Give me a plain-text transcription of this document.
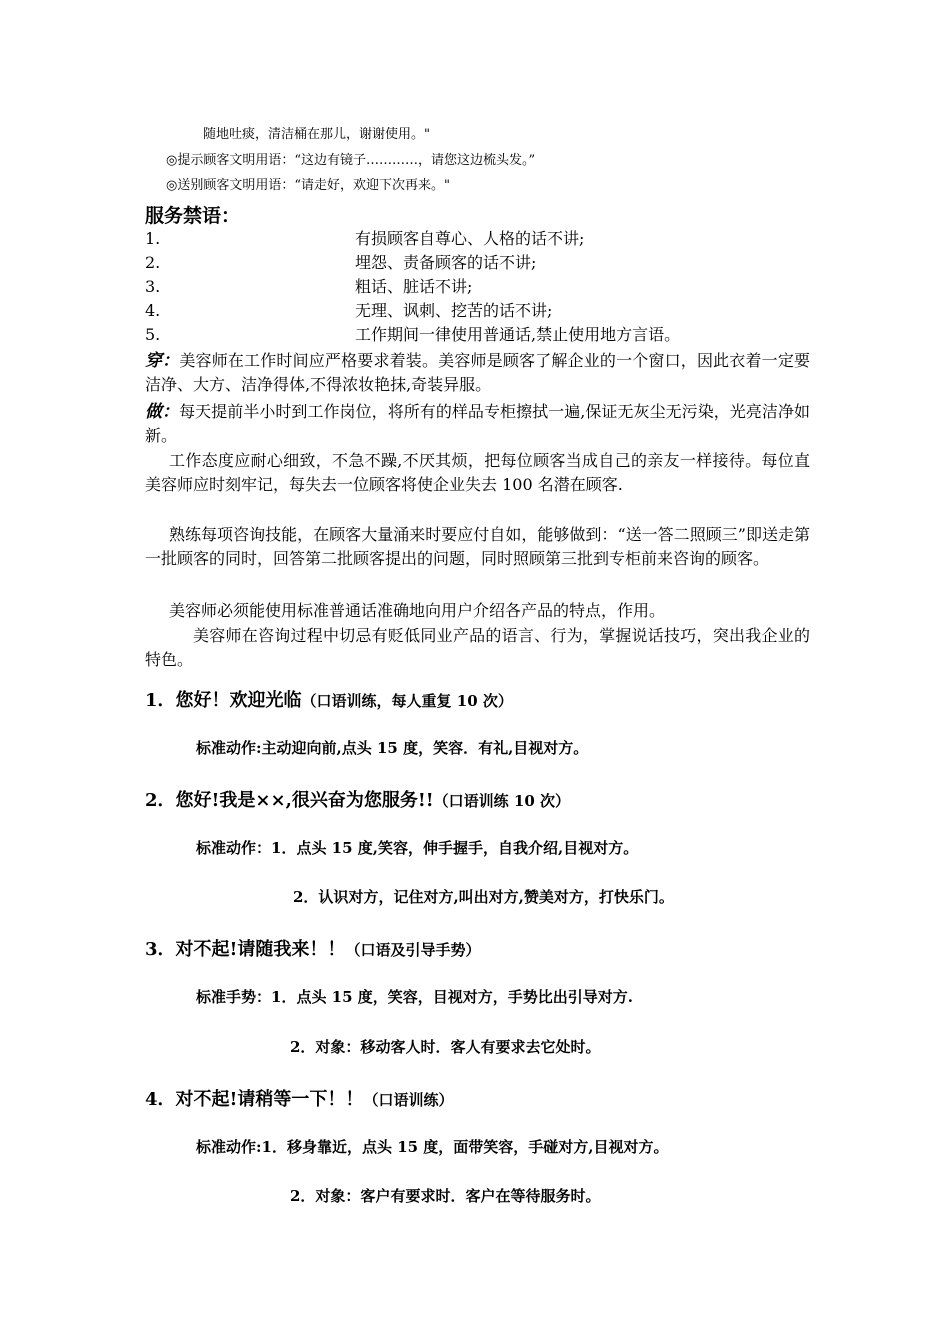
随地吐痰，清洁桶在那儿，谢谢使用。"
◎提示顾客文明用语：“这边有镜子…………，请您这边梳头发。”
◎送别顾客文明用语：“请走好，欢迎下次再来。"
服务禁语：
1.	有损顾客自尊心、人格的话不讲;
2.	埋怨、责备顾客的话不讲;
3.	粗话、脏话不讲;
4.	无理、讽刺、挖苦的话不讲;
5.	工作期间一律使用普通话,禁止使用地方言语。
穿：美容师在工作时间应严格要求着装。美容师是顾客了解企业的一个窗口，因此衣着一定要洁净、大方、洁净得体,不得浓妆艳抹,奇装异服。
做：每天提前半小时到工作岗位，将所有的样品专柜擦拭一遍,保证无灰尘无污染，光亮洁净如新。
工作态度应耐心细致，不急不躁,不厌其烦，把每位顾客当成自己的亲友一样接待。每位直美容师应时刻牢记，每失去一位顾客将使企业失去 100 名潜在顾客.
熟练每项咨询技能，在顾客大量涌来时要应付自如，能够做到：“送一答二照顾三”即送走第一批顾客的同时，回答第二批顾客提出的问题，同时照顾第三批到专柜前来咨询的顾客。
美容师必须能使用标准普通话准确地向用户介绍各产品的特点，作用。
美容师在咨询过程中切忌有贬低同业产品的语言、行为，掌握说话技巧，突出我企业的特色。
1．您好！欢迎光临（口语训练，每人重复 10 次）
标准动作:主动迎向前,点头 15 度，笑容．有礼,目视对方。
2．您好!我是××,很兴奋为您服务!!（口语训练 10 次）
标准动作：1．点头 15 度,笑容，伸手握手，自我介绍,目视对方。
2．认识对方，记住对方,叫出对方,赞美对方，打快乐门。
3．对不起!请随我来！！（口语及引导手势）
标准手势：1．点头 15 度，笑容，目视对方，手势比出引导对方.
2．对象：移动客人时．客人有要求去它处时。
4．对不起!请稍等一下！！（口语训练）
标准动作:1．移身靠近，点头 15 度，面带笑容，手碰对方,目视对方。
2．对象：客户有要求时．客户在等待服务时。
